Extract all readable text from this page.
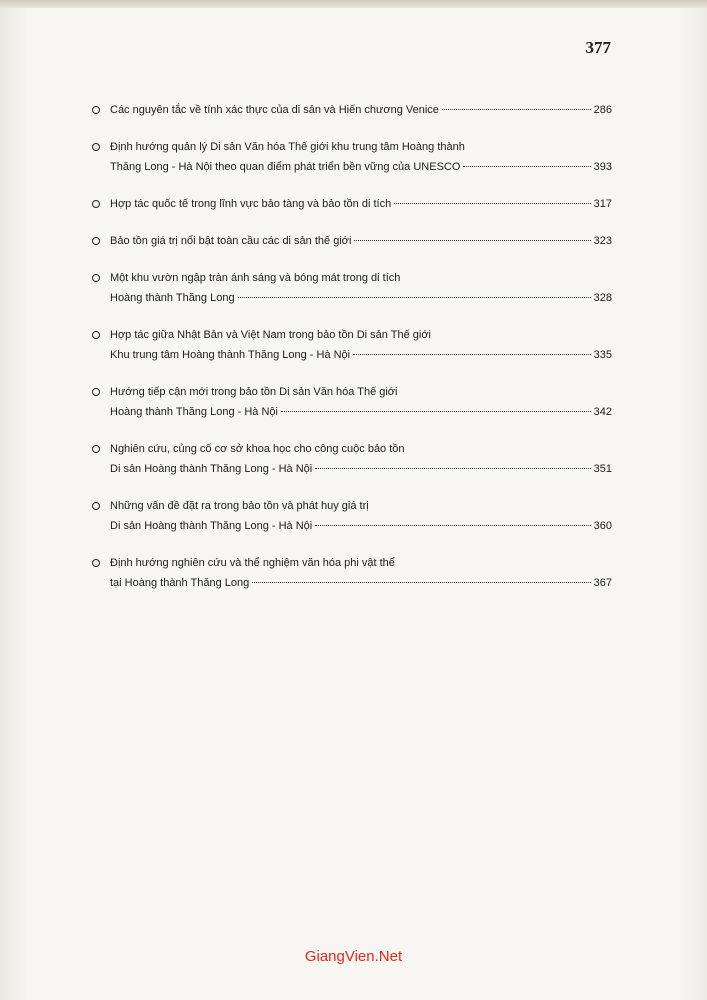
377
Các nguyên tắc về tính xác thực của di sản và Hiến chương Venice	286
Định hướng quản lý Di sản Văn hóa Thế giới khu trung tâm Hoàng thành
Thăng Long - Hà Nội theo quan điểm phát triển bền vững của UNESCO	393
Hợp tác quốc tế trong lĩnh vực bảo tàng và bảo tồn di tích	317
Bảo tồn giá trị nổi bật toàn cầu các di sản thế giới	323
Một khu vườn ngập tràn ánh sáng và bóng mát trong di tích
Hoàng thành Thăng Long	328
Hợp tác giữa Nhật Bản và Việt Nam trong bảo tồn Di sản Thế giới
Khu trung tâm Hoàng thành Thăng Long - Hà Nội	335
Hướng tiếp cận mới trong bảo tồn Di sản Văn hóa Thế giới
Hoàng thành Thăng Long - Hà Nội	342
Nghiên cứu, củng cố cơ sở khoa học cho công cuộc bảo tồn
Di sản Hoàng thành Thăng Long - Hà Nội	351
Những vấn đề đặt ra trong bảo tồn và phát huy giá trị
Di sản Hoàng thành Thăng Long - Hà Nội	360
Định hướng nghiên cứu và thể nghiệm văn hóa phi vật thể
tại Hoàng thành Thăng Long	367
GiangVien.Net
